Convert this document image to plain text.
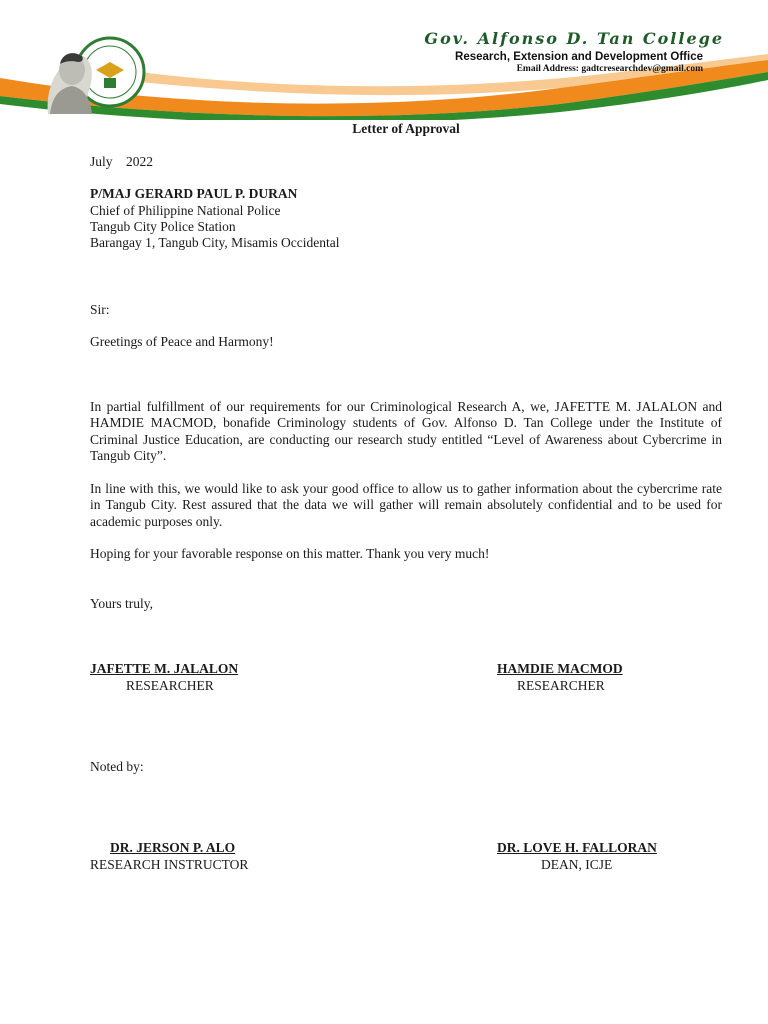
Gov. Alfonso D. Tan College
Research, Extension and Development Office
Email Address: gadtcresearchdev@gmail.com
Letter of Approval
July    2022
P/MAJ GERARD PAUL P. DURAN
Chief of Philippine National Police
Tangub City Police Station
Barangay 1, Tangub City, Misamis Occidental
Sir:
Greetings of Peace and Harmony!
In partial fulfillment of our requirements for our Criminological Research A, we, JAFETTE M. JALALON and HAMDIE MACMOD, bonafide Criminology students of Gov. Alfonso D. Tan College under the Institute of Criminal Justice Education, are conducting our research study entitled “Level of Awareness about Cybercrime in Tangub City”.
In line with this, we would like to ask your good office to allow us to gather information about the cybercrime rate in Tangub City. Rest assured that the data we will gather will remain absolutely confidential and to be used for academic purposes only.
Hoping for your favorable response on this matter. Thank you very much!
Yours truly,
JAFETTE M. JALALON
RESEARCHER
HAMDIE MACMOD
RESEARCHER
Noted by:
DR. JERSON P. ALO
RESEARCH INSTRUCTOR
DR. LOVE H. FALLORAN
DEAN, ICJE
